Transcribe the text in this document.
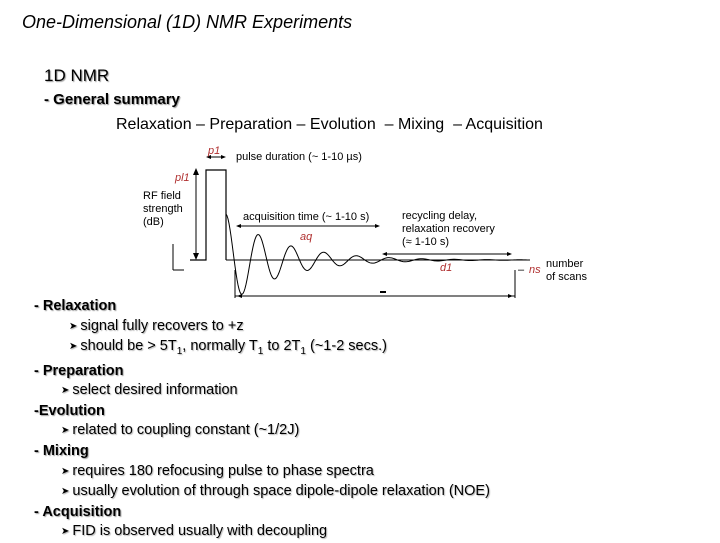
One-Dimensional (1D) NMR Experiments
1D NMR
- General summary
Relaxation – Preparation – Evolution  – Mixing  – Acquisition
p1
pl1
pulse duration (~ 1-10 µs)
RF field
strength
(dB)	acquisition time (~ 1-10 s)
aq
recycling delay,
relaxation recovery
(≈ 1-10 s)
d1	– ns number
of scans
- Relaxation
➤ signal fully recovers to +z
➤ should be > $5T_1$, normally $T_1$ to $2T_1$ (~1-2 secs.)
- Preparation
➤ select desired information
-Evolution
➤ related to coupling constant (~1/2J)
- Mixing
➤ requires 180 refocusing pulse to phase spectra
➤ usually evolution of through space dipole-dipole relaxation (NOE)
- Acquisition
➤ FID is observed usually with decoupling
